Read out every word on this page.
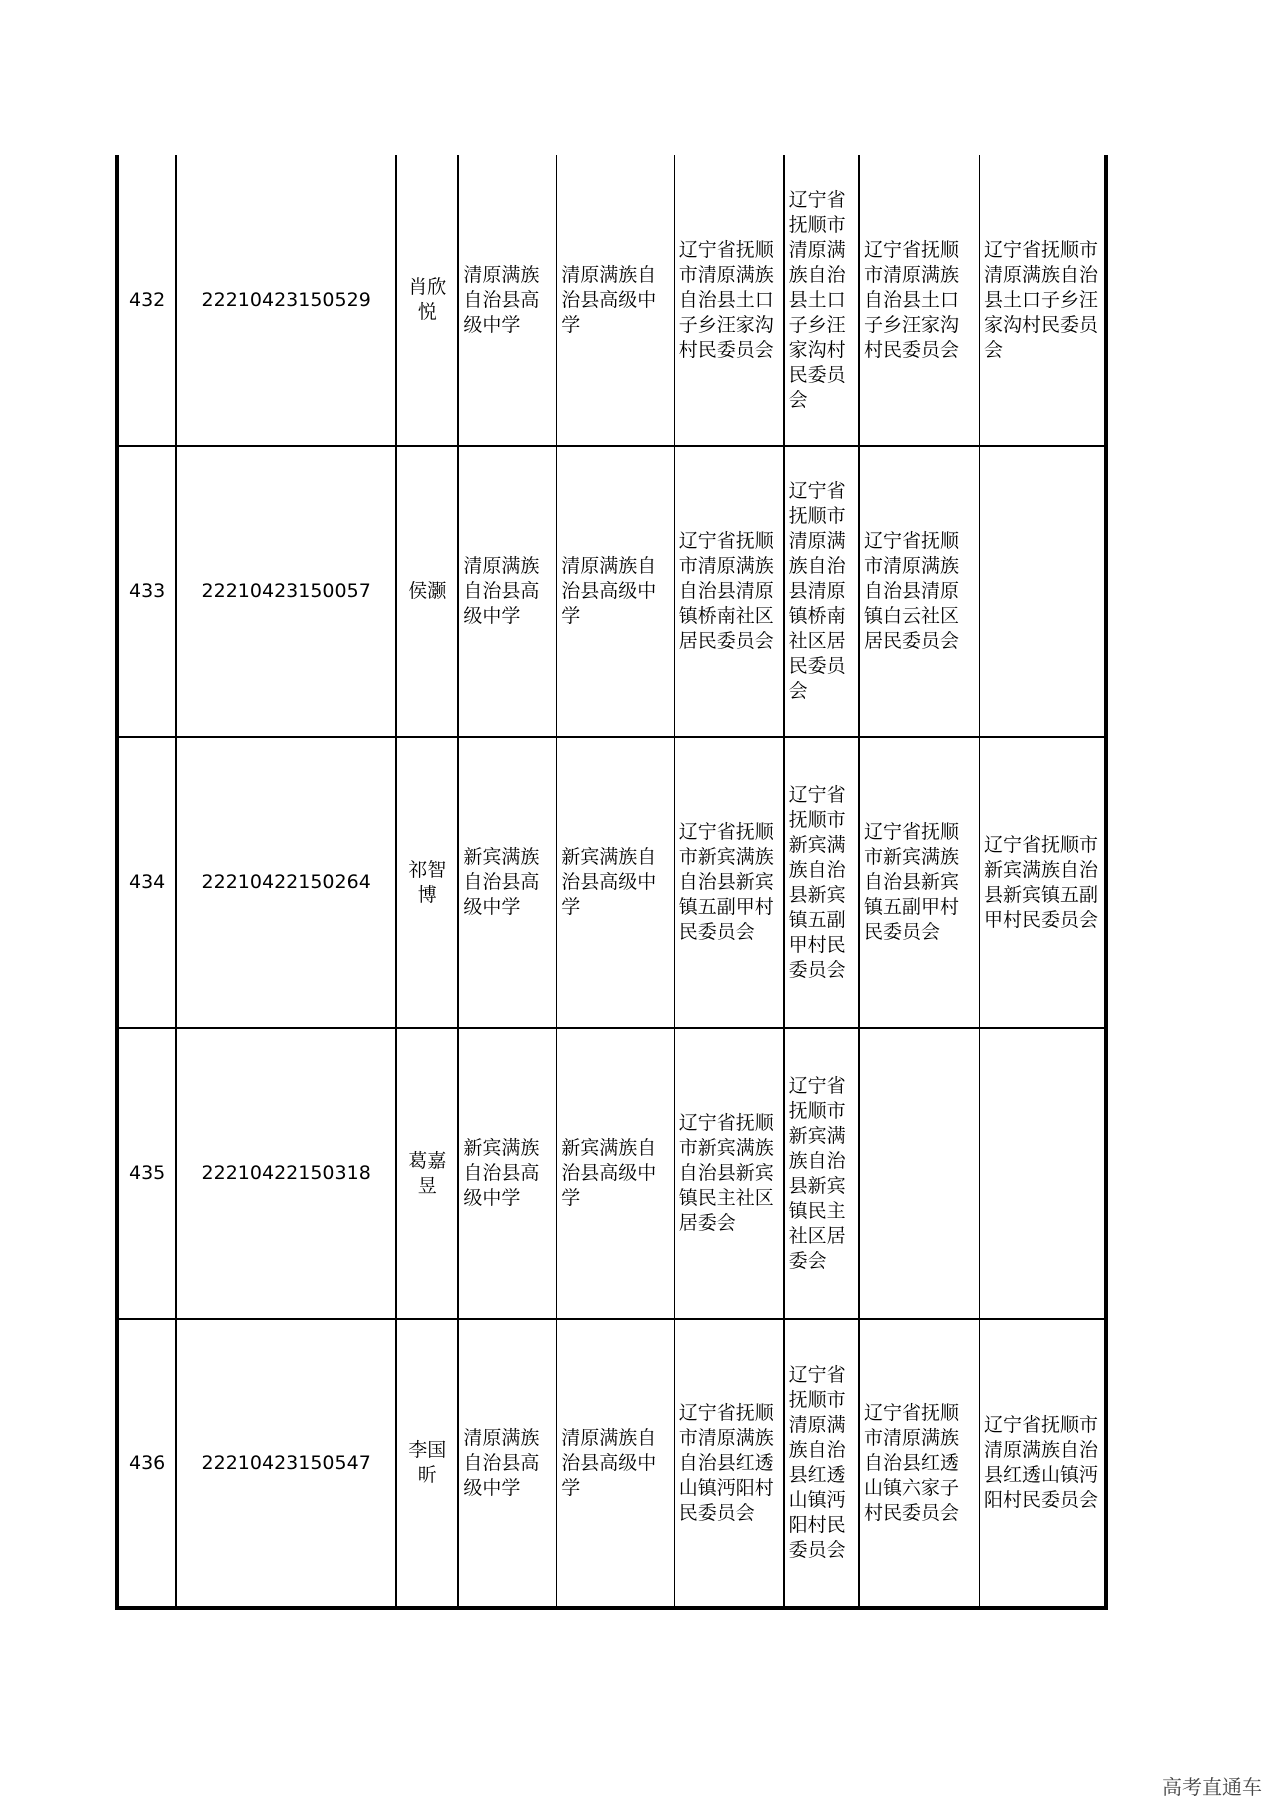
432	22210423150529	肖欣悦	清原满族自治县高级中学	清原满族自治县高级中学	辽宁省抚顺市清原满族自治县土口子乡汪家沟村民委员会	辽宁省抚顺市清原满族自治县土口子乡汪家沟村民委员会	辽宁省抚顺市清原满族自治县土口子乡汪家沟村民委员会	辽宁省抚顺市清原满族自治县土口子乡汪家沟村民委员会
433	22210423150057	侯灏	清原满族自治县高级中学	清原满族自治县高级中学	辽宁省抚顺市清原满族自治县清原镇桥南社区居民委员会	辽宁省抚顺市清原满族自治县清原镇桥南社区居民委员会	辽宁省抚顺市清原满族自治县清原镇白云社区居民委员会	
434	22210422150264	祁智博	新宾满族自治县高级中学	新宾满族自治县高级中学	辽宁省抚顺市新宾满族自治县新宾镇五副甲村民委员会	辽宁省抚顺市新宾满族自治县新宾镇五副甲村民委员会	辽宁省抚顺市新宾满族自治县新宾镇五副甲村民委员会	辽宁省抚顺市新宾满族自治县新宾镇五副甲村民委员会
435	22210422150318	葛嘉昱	新宾满族自治县高级中学	新宾满族自治县高级中学	辽宁省抚顺市新宾满族自治县新宾镇民主社区居委会	辽宁省抚顺市新宾满族自治县新宾镇民主社区居委会		
436	22210423150547	李国昕	清原满族自治县高级中学	清原满族自治县高级中学	辽宁省抚顺市清原满族自治县红透山镇沔阳村民委员会	辽宁省抚顺市清原满族自治县红透山镇沔阳村民委员会	辽宁省抚顺市清原满族自治县红透山镇六家子村民委员会	辽宁省抚顺市清原满族自治县红透山镇沔阳村民委员会
高考直通车
